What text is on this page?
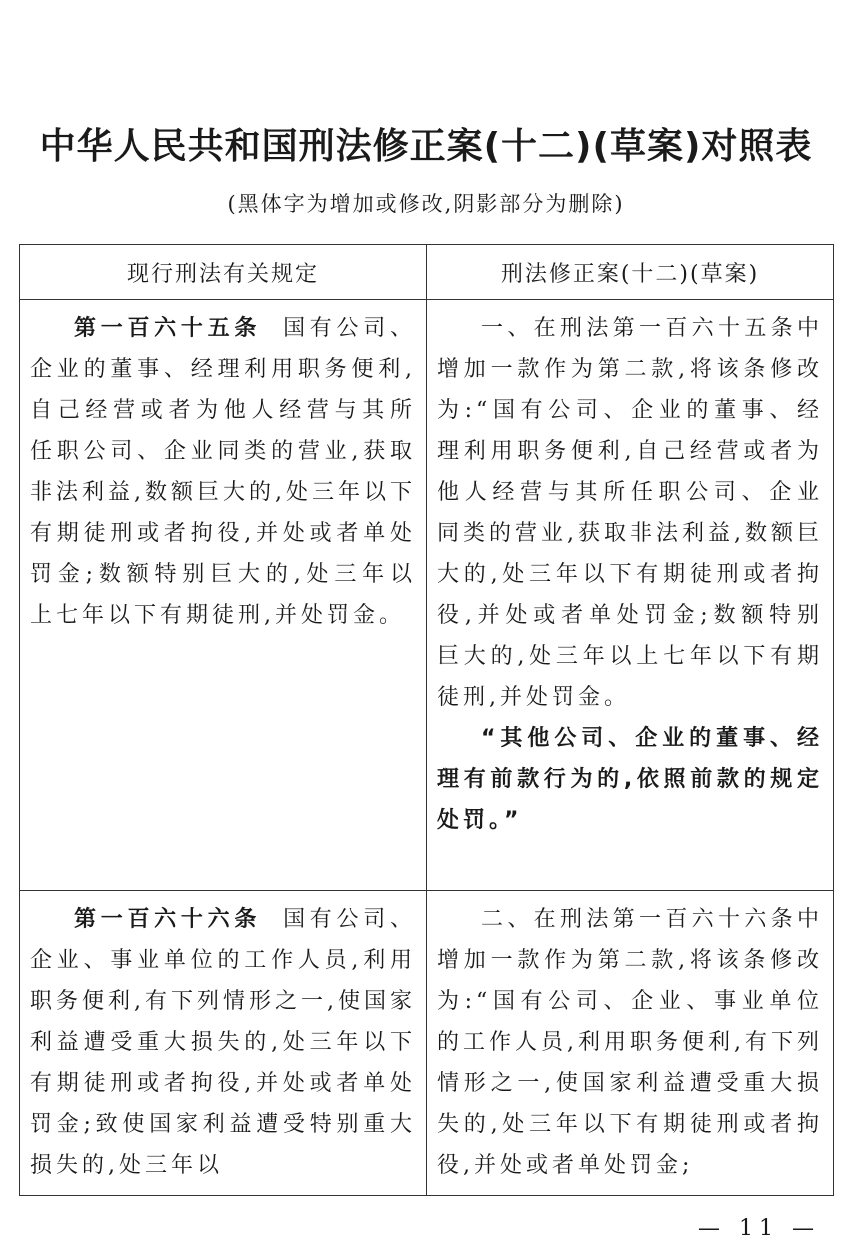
中华人民共和国刑法修正案(十二)(草案)对照表
(黑体字为增加或修改,阴影部分为删除)
现行刑法有关规定	刑法修正案(十二)(草案)

第一百六十五条 国有公司、企业的董事、经理利用职务便利,自己经营或者为他人经营与其所任职公司、企业同类的营业,获取非法利益,数额巨大的,处三年以下有期徒刑或者拘役,并处或者单处罚金;数额特别巨大的,处三年以上七年以下有期徒刑,并处罚金。	一、在刑法第一百六十五条中增加一款作为第二款,将该条修改为:“国有公司、企业的董事、经理利用职务便利,自己经营或者为他人经营与其所任职公司、企业同类的营业,获取非法利益,数额巨大的,处三年以下有期徒刑或者拘役,并处或者单处罚金;数额特别巨大的,处三年以上七年以下有期徒刑,并处罚金。

“其他公司、企业的董事、经理有前款行为的,依照前款的规定处罚。”

第一百六十六条 国有公司、企业、事业单位的工作人员,利用职务便利,有下列情形之一,使国家利益遭受重大损失的,处三年以下有期徒刑或者拘役,并处或者单处罚金;致使国家利益遭受特别重大损失的,处三年以	二、在刑法第一百六十六条中增加一款作为第二款,将该条修改为:“国有公司、企业、事业单位的工作人员,利用职务便利,有下列情形之一,使国家利益遭受重大损失的,处三年以下有期徒刑或者拘役,并处或者单处罚金;

— 11 —
